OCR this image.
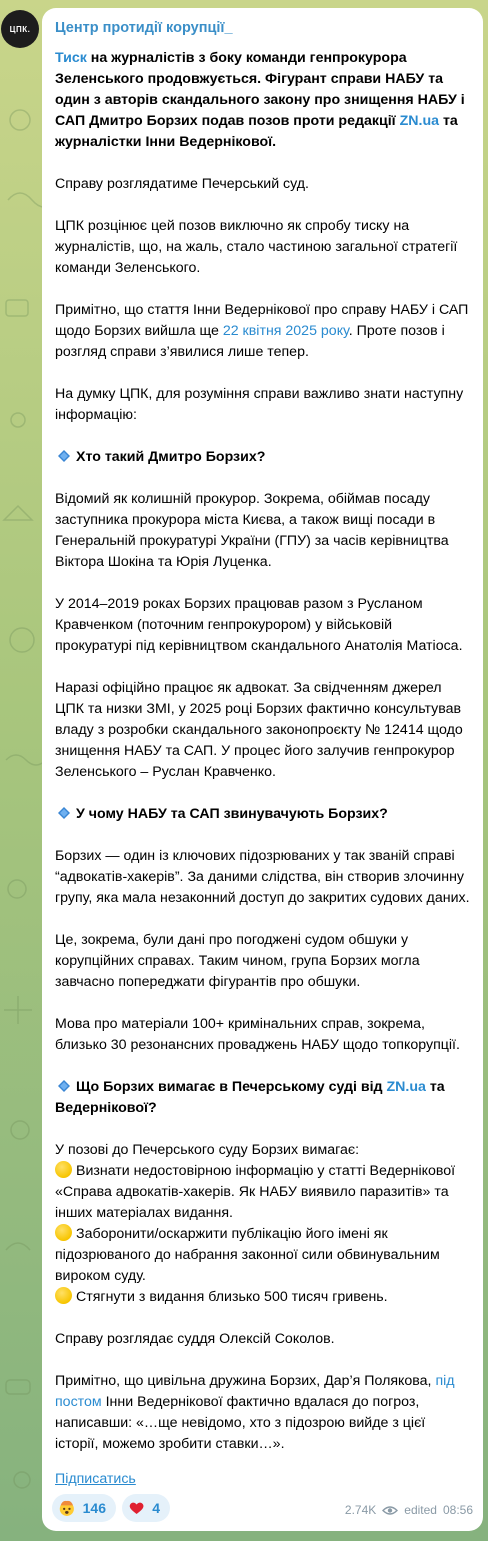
ЦПК. Центр протидії корупції_
Тиск на журналістів з боку команди генпрокурора Зеленського продовжується. Фігурант справи НАБУ та один з авторів скандального закону про знищення НАБУ і САП Дмитро Борзих подав позов проти редакції ZN.ua та журналістки Інни Ведернікової.
Справу розглядатиме Печерський суд.
ЦПК розцінює цей позов виключно як спробу тиску на журналістів, що, на жаль, стало частиною загальної стратегії команди Зеленського.
Примітно, що стаття Інни Ведернікової про справу НАБУ і САП щодо Борзих вийшла ще 22 квітня 2025 року. Проте позов і розгляд справи з’явилися лише тепер.
На думку ЦПК, для розуміння справи важливо знати наступну інформацію:
Хто такий Дмитро Борзих?
Відомий як колишній прокурор. Зокрема, обіймав посаду заступника прокурора міста Києва, а також вищі посади в Генеральній прокуратурі України (ГПУ) за часів керівництва Віктора Шокіна та Юрія Луценка.
У 2014–2019 роках Борзих працював разом з Русланом Кравченком (поточним генпрокурором) у військовій прокуратурі під керівництвом скандального Анатолія Матіоса.
Наразі офіційно працює як адвокат. За свідченням джерел ЦПК та низки ЗМІ, у 2025 році Борзих фактично консультував владу з розробки скандального законопроєкту № 12414 щодо знищення НАБУ та САП. У процес його залучив генпрокурор Зеленського – Руслан Кравченко.
У чому НАБУ та САП звинувачують Борзих?
Борзих — один із ключових підозрюваних у так званій справі “адвокатів-хакерів”. За даними слідства, він створив злочинну групу, яка мала незаконний доступ до закритих судових даних.
Це, зокрема, були дані про погоджені судом обшуки у корупційних справах. Таким чином, група Борзих могла завчасно попереджати фігурантів про обшуки.
Мова про матеріали 100+ кримінальних справ, зокрема, близько 30 резонансних проваджень НАБУ щодо топкорупції.
Що Борзих вимагає в Печерському суді від ZN.ua та Ведернікової?
У позові до Печерського суду Борзих вимагає:
Визнати недостовірною інформацію у статті Ведернікової «Справа адвокатів-хакерів. Як НАБУ виявило паразитів» та інших матеріалах видання.
Заборонити/оскаржити публікацію його імені як підозрюваного до набрання законної сили обвинувальним вироком суду.
Стягнути з видання близько 500 тисяч гривень.
Справу розглядає суддя Олексій Соколов.
Примітно, що цивільна дружина Борзих, Дар’я Полякова, під постом Інни Ведернікової фактично вдалася до погроз, написавши: «…ще невідомо, хто з підозрою вийде з цієї історії, можемо зробити ставки…».
Підписатись
146	4	2.74K edited 08:56
